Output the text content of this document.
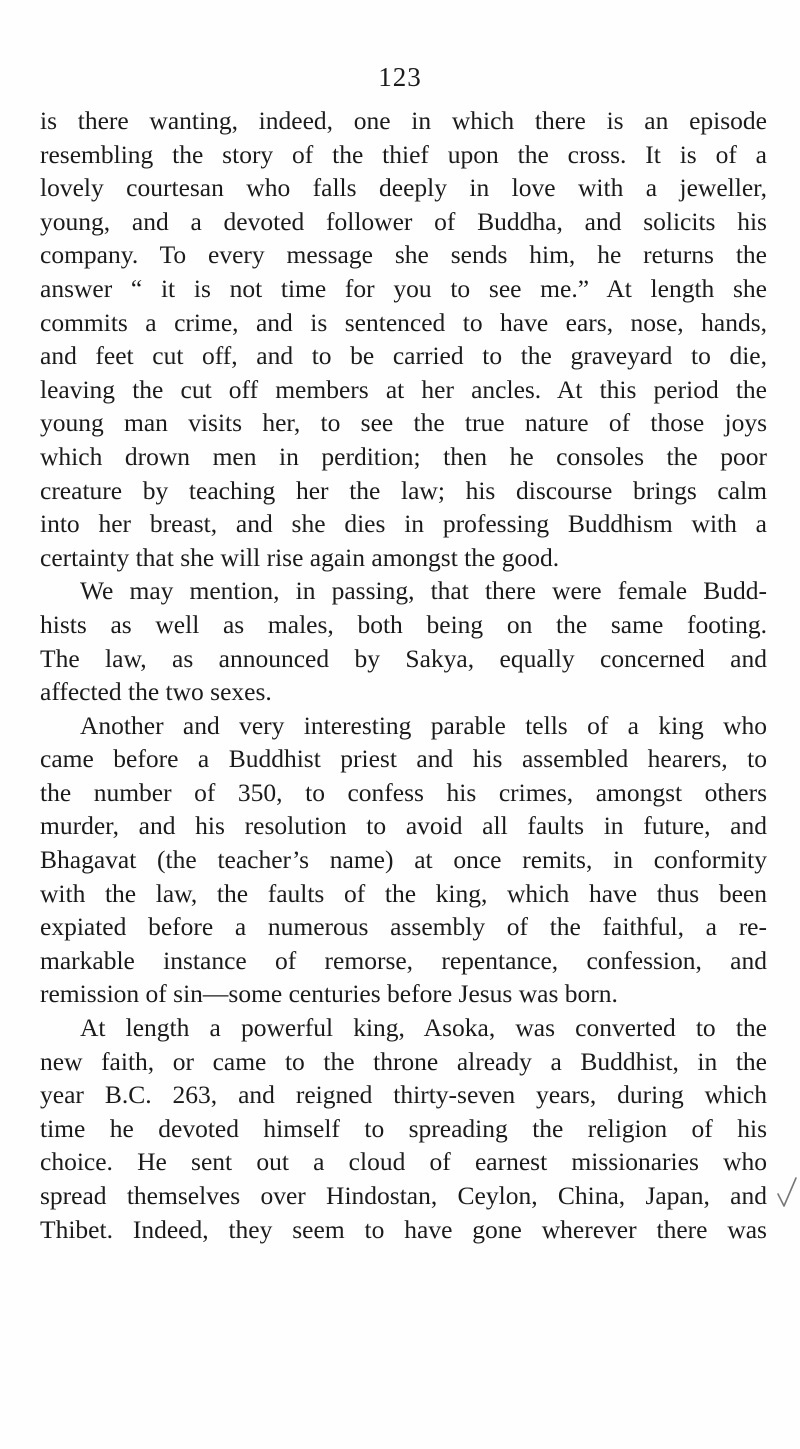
123
is there wanting, indeed, one in which there is an episode
resembling the story of the thief upon the cross. It is of a
lovely courtesan who falls deeply in love with a jeweller,
young, and a devoted follower of Buddha, and solicits his
company. To every message she sends him, he returns the
answer “ it is not time for you to see me.” At length she
commits a crime, and is sentenced to have ears, nose, hands,
and feet cut off, and to be carried to the graveyard to die,
leaving the cut off members at her ancles. At this period the
young man visits her, to see the true nature of those joys
which drown men in perdition; then he consoles the poor
creature by teaching her the law; his discourse brings calm
into her breast, and she dies in professing Buddhism with a
certainty that she will rise again amongst the good.
We may mention, in passing, that there were female Budd-
hists as well as males, both being on the same footing.
The law, as announced by Sakya, equally concerned and
affected the two sexes.
Another and very interesting parable tells of a king who
came before a Buddhist priest and his assembled hearers, to
the number of 350, to confess his crimes, amongst others
murder, and his resolution to avoid all faults in future, and
Bhagavat (the teacher’s name) at once remits, in conformity
with the law, the faults of the king, which have thus been
expiated before a numerous assembly of the faithful, a re-
markable instance of remorse, repentance, confession, and
remission of sin—some centuries before Jesus was born.
At length a powerful king, Asoka, was converted to the
new faith, or came to the throne already a Buddhist, in the
year B.C. 263, and reigned thirty-seven years, during which
time he devoted himself to spreading the religion of his
choice. He sent out a cloud of earnest missionaries who
spread themselves over Hindostan, Ceylon, China, Japan, and
Thibet. Indeed, they seem to have gone wherever there was
